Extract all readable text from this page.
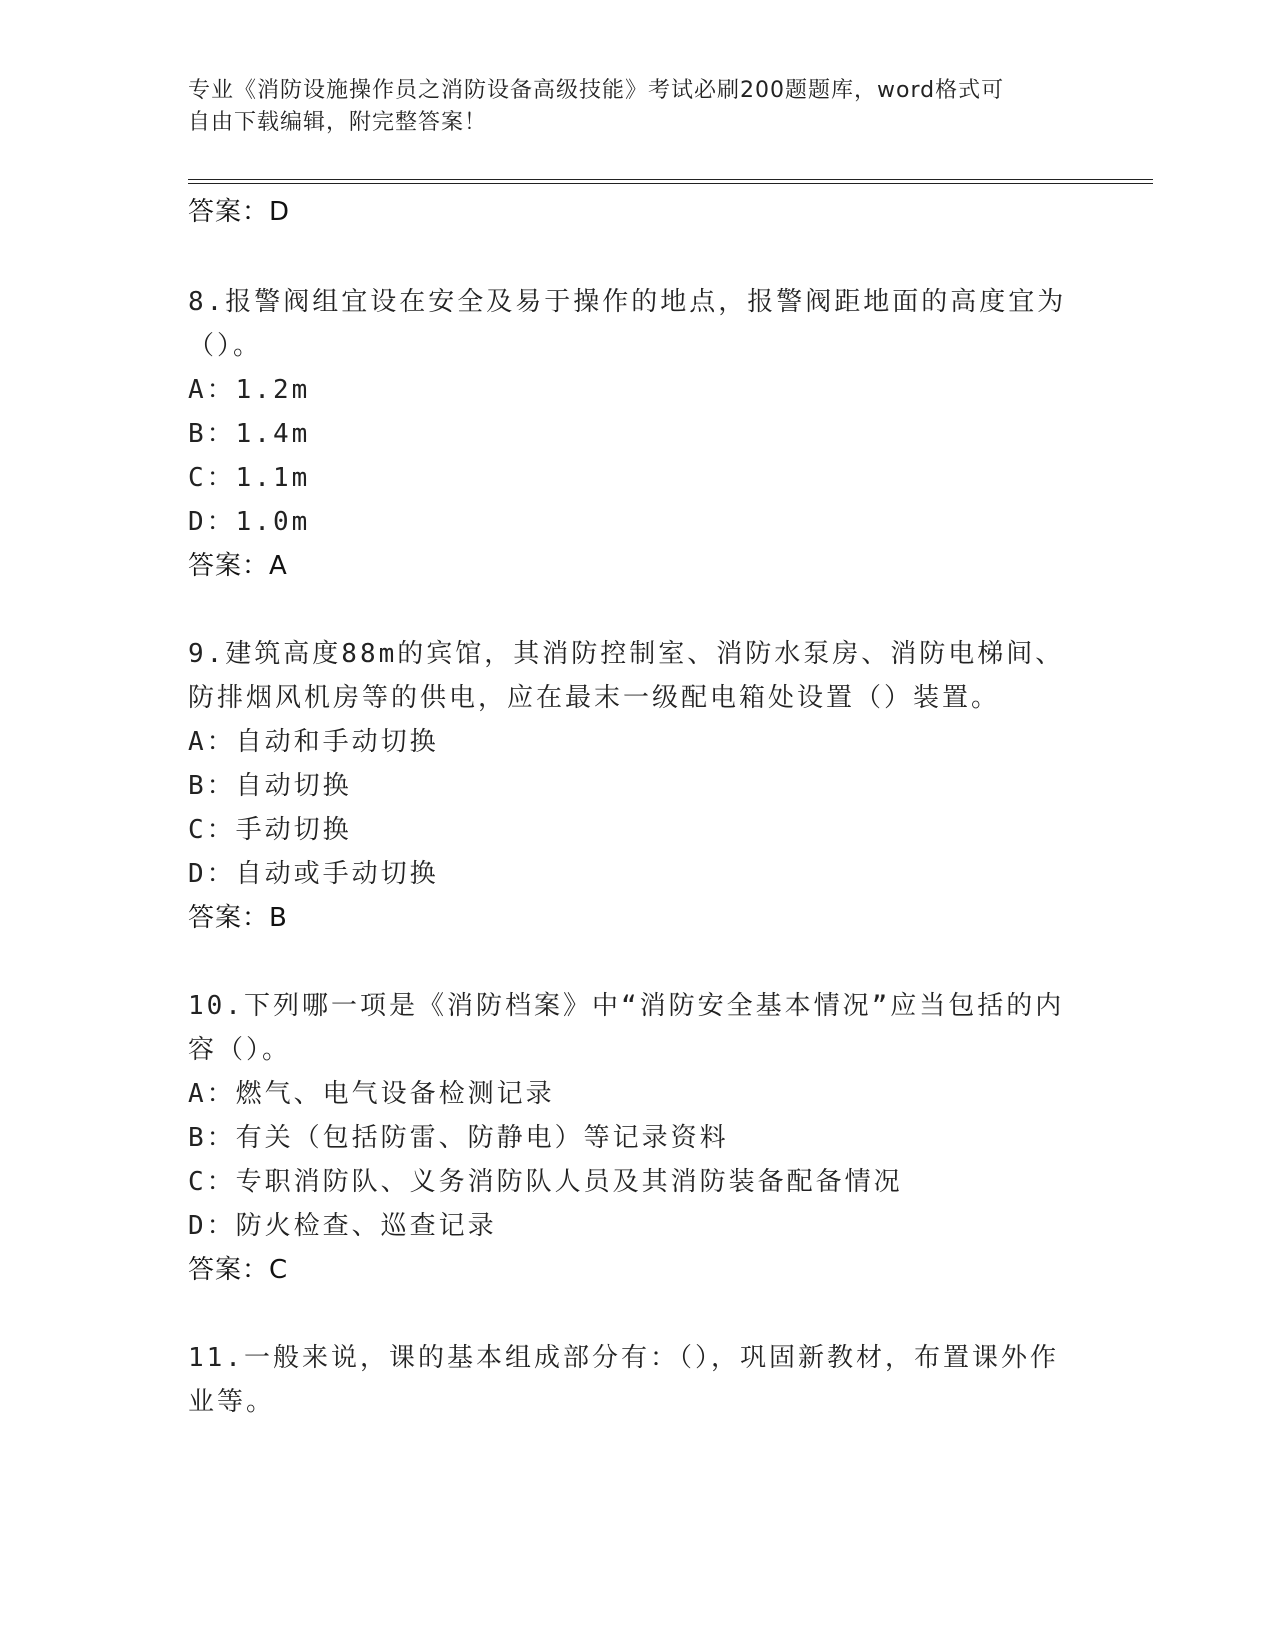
专业《消防设施操作员之消防设备高级技能》考试必刷200题题库，word格式可
自由下载编辑，附完整答案！
答案：D
8.报警阀组宜设在安全及易于操作的地点，报警阀距地面的高度宜为
（）。
A：1.2m
B：1.4m
C：1.1m
D：1.0m
答案：A
9.建筑高度88m的宾馆，其消防控制室、消防水泵房、消防电梯间、
防排烟风机房等的供电，应在最末一级配电箱处设置（）装置。
A：自动和手动切换
B：自动切换
C：手动切换
D：自动或手动切换
答案：B
10.下列哪一项是《消防档案》中“消防安全基本情况”应当包括的内
容（）。
A：燃气、电气设备检测记录
B：有关（包括防雷、防静电）等记录资料
C：专职消防队、义务消防队人员及其消防装备配备情况
D：防火检查、巡查记录
答案：C
11.一般来说，课的基本组成部分有：（），巩固新教材，布置课外作
业等。
